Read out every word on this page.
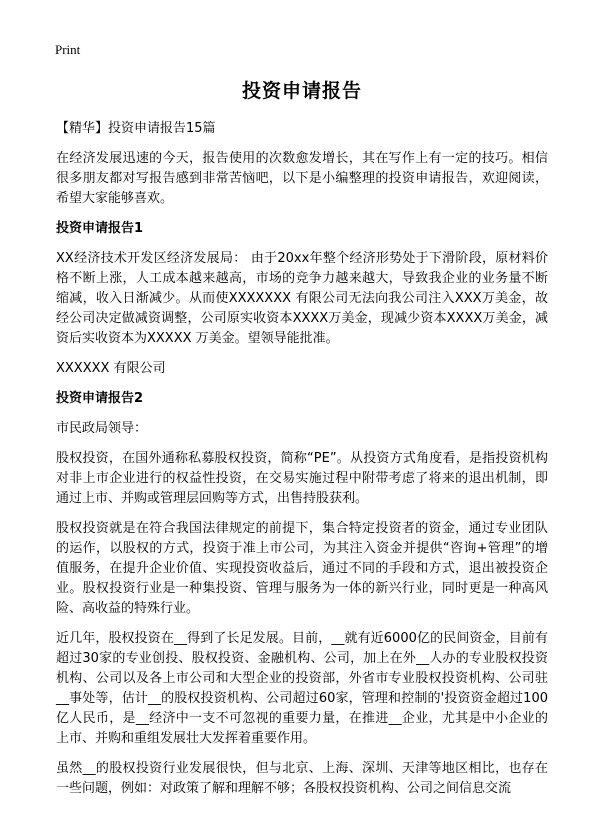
Print
投资申请报告
【精华】投资申请报告15篇

在经济发展迅速的今天，报告使用的次数愈发增长，其在写作上有一定的技巧。相信很多朋友都对写报告感到非常苦恼吧，以下是小编整理的投资申请报告，欢迎阅读，希望大家能够喜欢。

投资申请报告1

XX经济技术开发区经济发展局： 由于20xx年整个经济形势处于下滑阶段，原材料价格不断上涨，人工成本越来越高，市场的竞争力越来越大，导致我企业的业务量不断缩减，收入日渐减少。从而使XXXXXXX 有限公司无法向我公司注入XXX万美金，故经公司决定做减资调整，公司原实收资本XXXX万美金，现减少资本XXXX万美金，减资后实收资本为XXXXX 万美金。望领导能批准。

XXXXXX 有限公司

投资申请报告2

市民政局领导：

股权投资，在国外通称私募股权投资，简称“PE”。从投资方式角度看，是指投资机构对非上市企业进行的权益性投资，在交易实施过程中附带考虑了将来的退出机制，即通过上市、并购或管理层回购等方式，出售持股获利。

股权投资就是在符合我国法律规定的前提下，集合特定投资者的资金，通过专业团队的运作，以股权的方式，投资于准上市公司，为其注入资金并提供“咨询+管理”的增值服务，在提升企业价值、实现投资收益后，通过不同的手段和方式，退出被投资企业。股权投资行业是一种集投资、管理与服务为一体的新兴行业，同时更是一种高风险、高收益的特殊行业。

近几年，股权投资在__得到了长足发展。目前，__就有近6000亿的民间资金，目前有超过30家的专业创投、股权投资、金融机构、公司，加上在外__人办的专业股权投资机构、公司以及各上市公司和大型企业的投资部，外省市专业股权投资机构、公司驻__事处等，估计__的股权投资机构、公司超过60家，管理和控制的'投资资金超过100亿人民币，是__经济中一支不可忽视的重要力量，在推进__企业，尤其是中小企业的上市、并购和重组发展壮大发挥着重要作用。

虽然__的股权投资行业发展很快，但与北京、上海、深圳、天津等地区相比，也存在一些问题，例如：对政策了解和理解不够；各股权投资机构、公司之间信息交流
